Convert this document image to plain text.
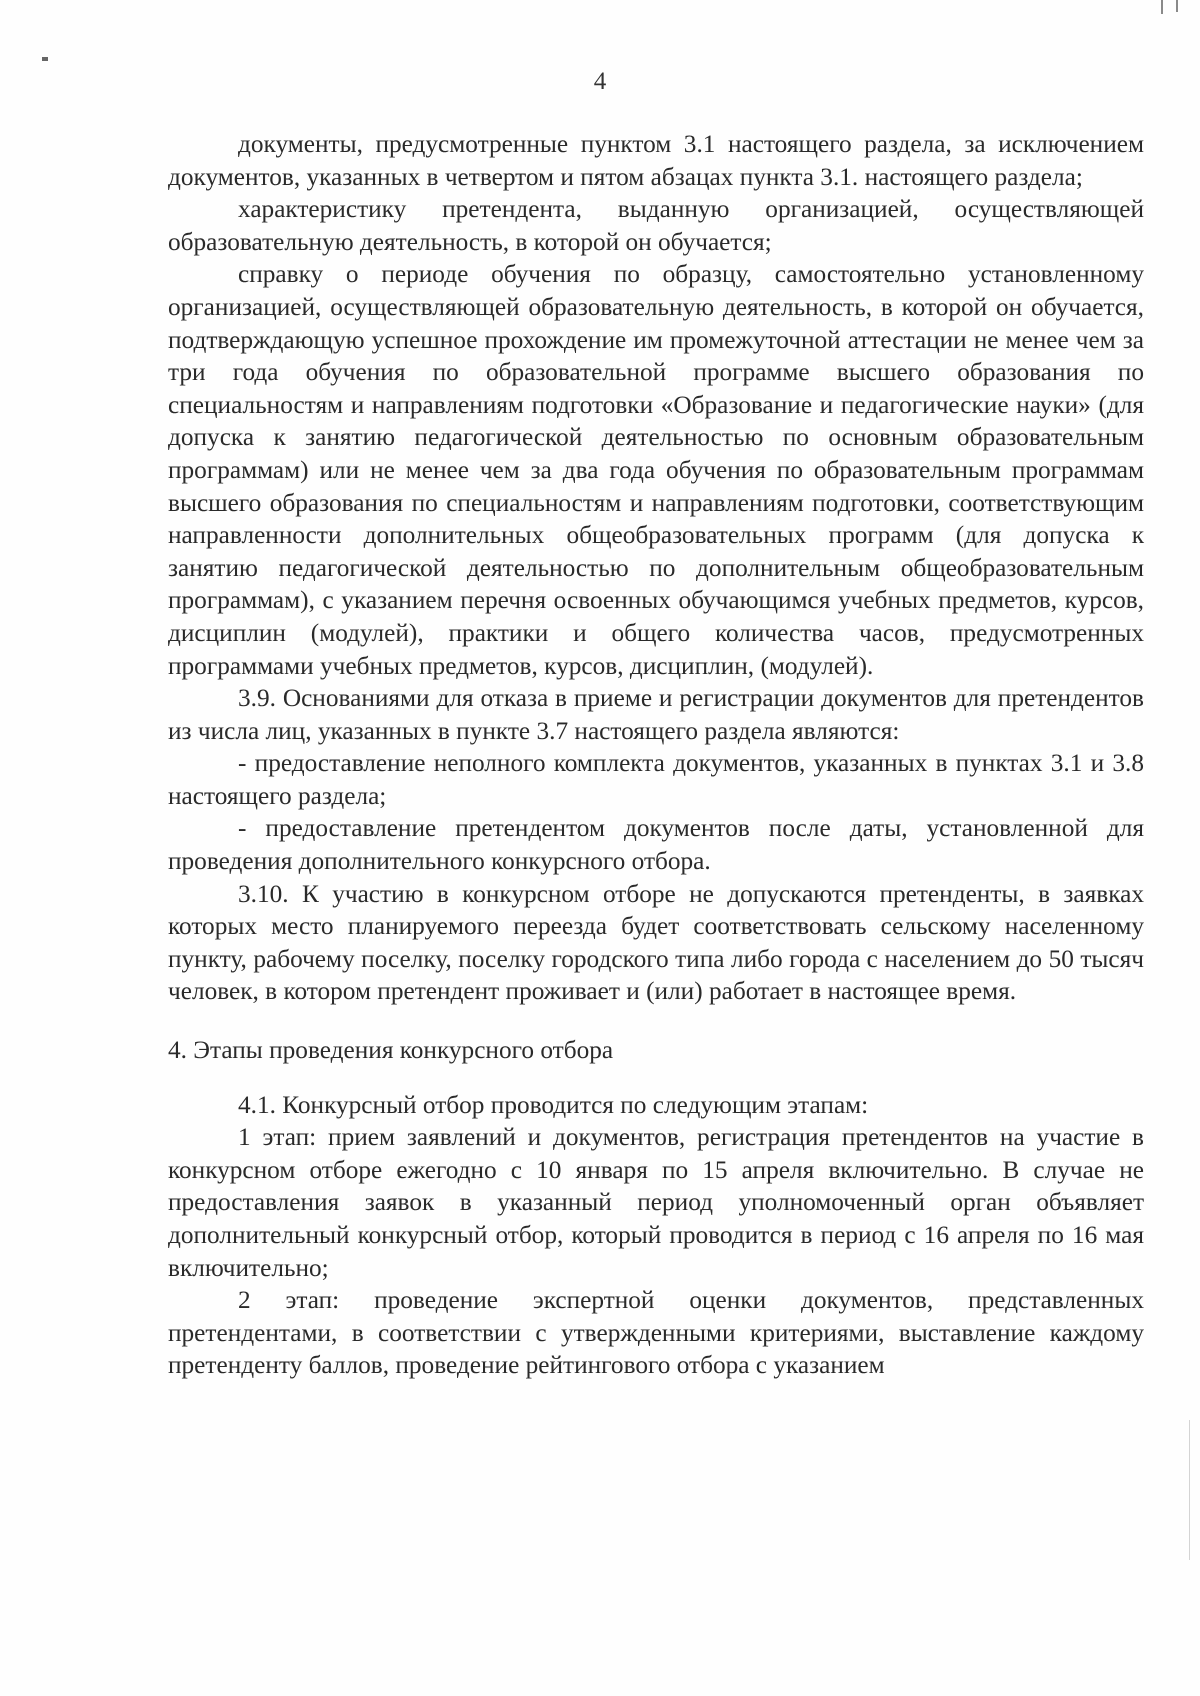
4

документы, предусмотренные пунктом 3.1 настоящего раздела, за исключением документов, указанных в четвертом и пятом абзацах пункта 3.1. настоящего раздела;

характеристику претендента, выданную организацией, осуществляющей образовательную деятельность, в которой он обучается;

справку о периоде обучения по образцу, самостоятельно установленному организацией, осуществляющей образовательную деятельность, в которой он обучается, подтверждающую успешное прохождение им промежуточной аттестации не менее чем за три года обучения по образовательной программе высшего образования по специальностям и направлениям подготовки «Образование и педагогические науки» (для допуска к занятию педагогической деятельностью по основным образовательным программам) или не менее чем за два года обучения по образовательным программам высшего образования по специальностям и направлениям подготовки, соответствующим направленности дополнительных общеобразовательных программ (для допуска к занятию педагогической деятельностью по дополнительным общеобразовательным программам), с указанием перечня освоенных обучающимся учебных предметов, курсов, дисциплин (модулей), практики и общего количества часов, предусмотренных программами учебных предметов, курсов, дисциплин, (модулей).

3.9. Основаниями для отказа в приеме и регистрации документов для претендентов из числа лиц, указанных в пункте 3.7 настоящего раздела являются:

- предоставление неполного комплекта документов, указанных в пунктах 3.1 и 3.8 настоящего раздела;

- предоставление претендентом документов после даты, установленной для проведения дополнительного конкурсного отбора.

3.10. К участию в конкурсном отборе не допускаются претенденты, в заявках которых место планируемого переезда будет соответствовать сельскому населенному пункту, рабочему поселку, поселку городского типа либо города с населением до 50 тысяч человек, в котором претендент проживает и (или) работает в настоящее время.

4. Этапы проведения конкурсного отбора

4.1. Конкурсный отбор проводится по следующим этапам:

1 этап: прием заявлений и документов, регистрация претендентов на участие в конкурсном отборе ежегодно с 10 января по 15 апреля включительно. В случае не предоставления заявок в указанный период уполномоченный орган объявляет дополнительный конкурсный отбор, который проводится в период с 16 апреля по 16 мая включительно;

2 этап: проведение экспертной оценки документов, представленных претендентами, в соответствии с утвержденными критериями, выставление каждому претенденту баллов, проведение рейтингового отбора с указанием
